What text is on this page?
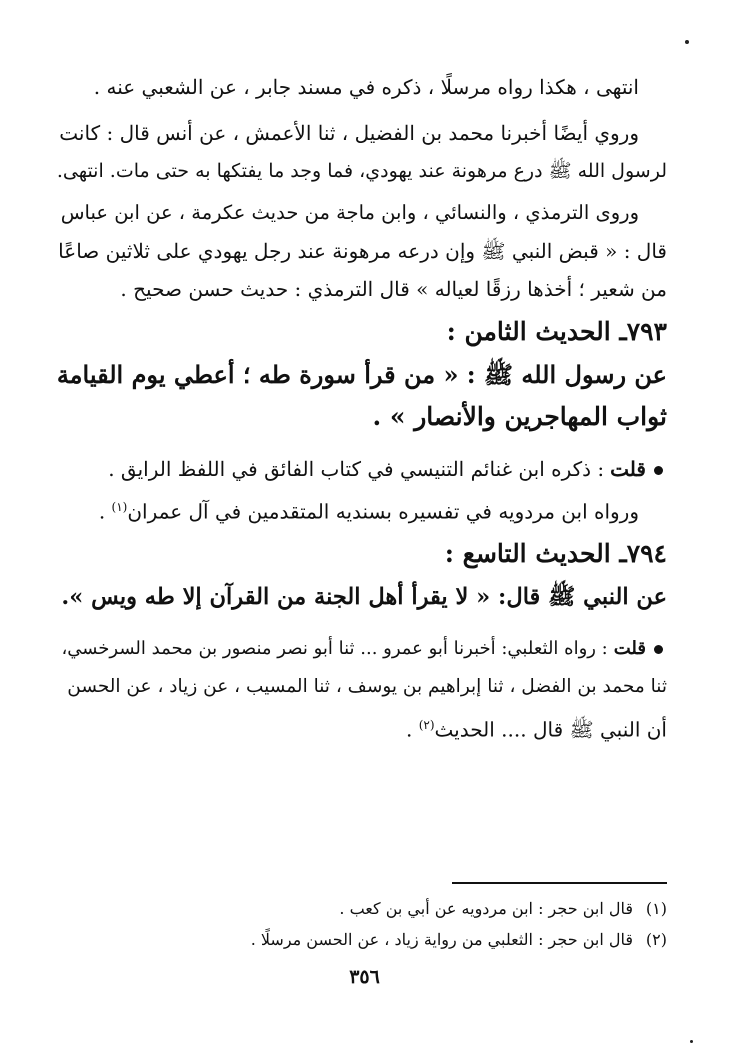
انتهى ، هكذا رواه مرسلًا ، ذكره في مسند جابر ، عن الشعبي عنه .

وروي أيضًا أخبرنا محمد بن الفضيل ، ثنا الأعمش ، عن أنس قال : كانت

لرسول الله ﷺ درع مرهونة عند يهودي، فما وجد ما يفتكها به حتى مات. انتهى.

وروى الترمذي ، والنسائي ، وابن ماجة من حديث عكرمة ، عن ابن عباس

قال : « قبض النبي ﷺ وإن درعه مرهونة عند رجل يهودي على ثلاثين صاعًا

من شعير ؛ أخذها رزقًا لعياله » قال الترمذي : حديث حسن صحيح .

٧٩٣ـ الحديث الثامن :

عن رسول الله ﷺ : « من قرأ سورة طه ؛ أعطي يوم القيامة

ثواب المهاجرين والأنصار » .

قلت: ذكره ابن غنائم التنيسي في كتاب الفائق في اللفظ الرايق .

ورواه ابن مردويه في تفسيره بسنديه المتقدمين في آل عمران$^{(١)}$ .

٧٩٤ـ الحديث التاسع :

عن النبي ﷺ قال: « لا يقرأ أهل الجنة من القرآن إلا طه ويس ».

قلت: رواه الثعلبي: أخبرنا أبو عمرو ... ثنا أبو نصر منصور بن محمد السرخسي،

ثنا محمد بن الفضل ، ثنا إبراهيم بن يوسف ، ثنا المسيب ، عن زياد ، عن الحسن

أن النبي ﷺ قال .... الحديث$^{(٢)}$ .

(١)قال ابن حجر : ابن مردويه عن أبي بن كعب .

(٢)قال ابن حجر : الثعلبي من رواية زياد ، عن الحسن مرسلًا .

٣٥٦
